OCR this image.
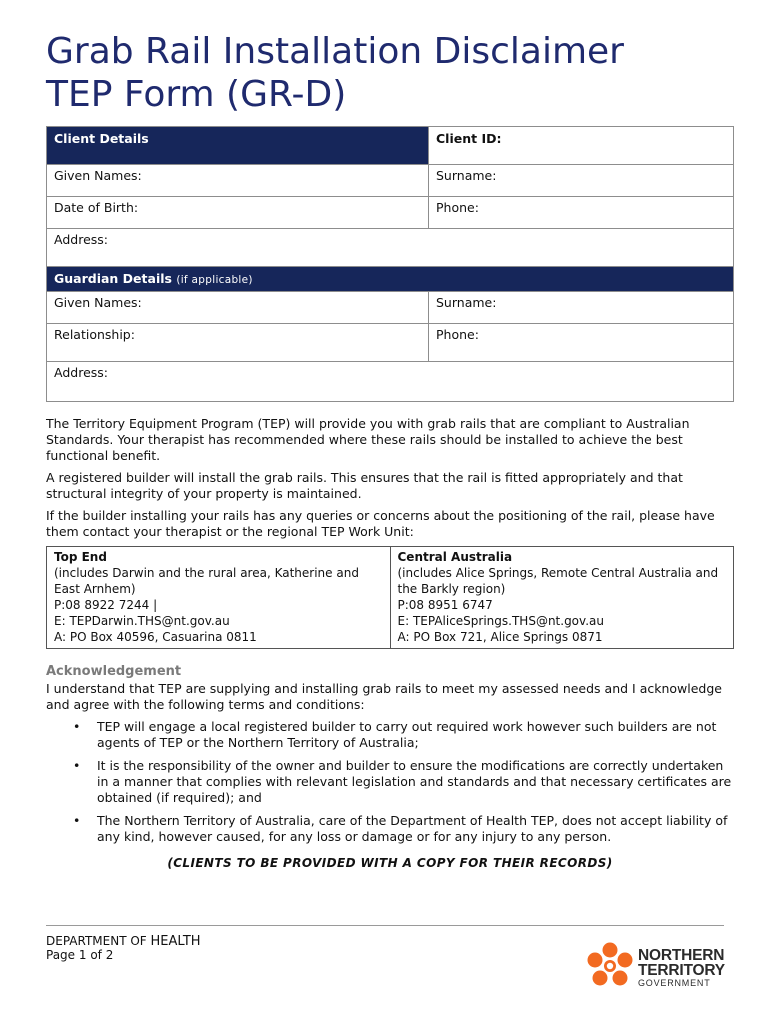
Grab Rail Installation Disclaimer
TEP Form (GR-D)
Client Details	Client ID:
Given Names:	Surname:
Date of Birth:	Phone:
Address:	
Guardian Details (if applicable)	
Given Names:	Surname:
Relationship:	Phone:
Address:	

The Territory Equipment Program (TEP) will provide you with grab rails that are compliant to Australian Standards. Your therapist has recommended where these rails should be installed to achieve the best functional benefit.

A registered builder will install the grab rails. This ensures that the rail is fitted appropriately and that structural integrity of your property is maintained.

If the builder installing your rails has any queries or concerns about the positioning of the rail, please have them contact your therapist or the regional TEP Work Unit:

Top End
(includes Darwin and the rural area, Katherine and East Arnhem)
P:08 8922 7244 |
E: TEPDarwin.THS@nt.gov.au
A: PO Box 40596, Casuarina 0811

Central Australia
(includes Alice Springs, Remote Central Australia and the Barkly region)
P:08 8951 6747
E: TEPAliceSprings.THS@nt.gov.au
A: PO Box 721, Alice Springs 0871
Acknowledgement

I understand that TEP are supplying and installing grab rails to meet my assessed needs and I acknowledge and agree with the following terms and conditions:

• TEP will engage a local registered builder to carry out required work however such builders are not agents of TEP or the Northern Territory of Australia;
• It is the responsibility of the owner and builder to ensure the modifications are correctly undertaken in a manner that complies with relevant legislation and standards and that necessary certificates are obtained (if required); and
• The Northern Territory of Australia, care of the Department of Health TEP, does not accept liability of any kind, however caused, for any loss or damage or for any injury to any person.
(CLIENTS TO BE PROVIDED WITH A COPY FOR THEIR RECORDS)
DEPARTMENT OF HEALTH
Page 1 of 2	NORTHERN
TERRITORY
GOVERNMENT
